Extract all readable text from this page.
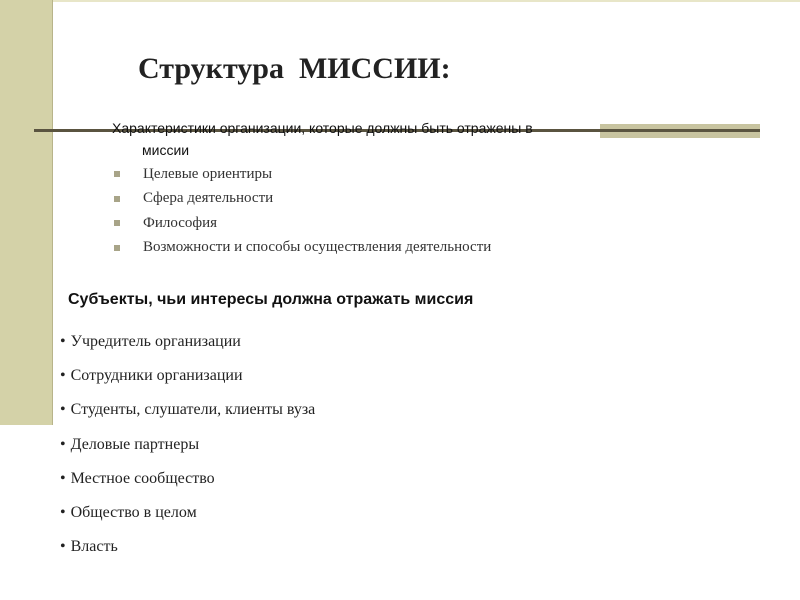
Структура  МИССИИ:
Характеристики организации, которые должны быть отражены в
миссии
Целевые ориентиры
Сфера деятельности
Философия
Возможности и способы осуществления деятельности
Субъекты, чьи интересы должна отражать миссия
• Учредитель организации
• Сотрудники организации
• Студенты, слушатели, клиенты вуза
• Деловые партнеры
• Местное сообщество
• Общество в целом
• Власть
